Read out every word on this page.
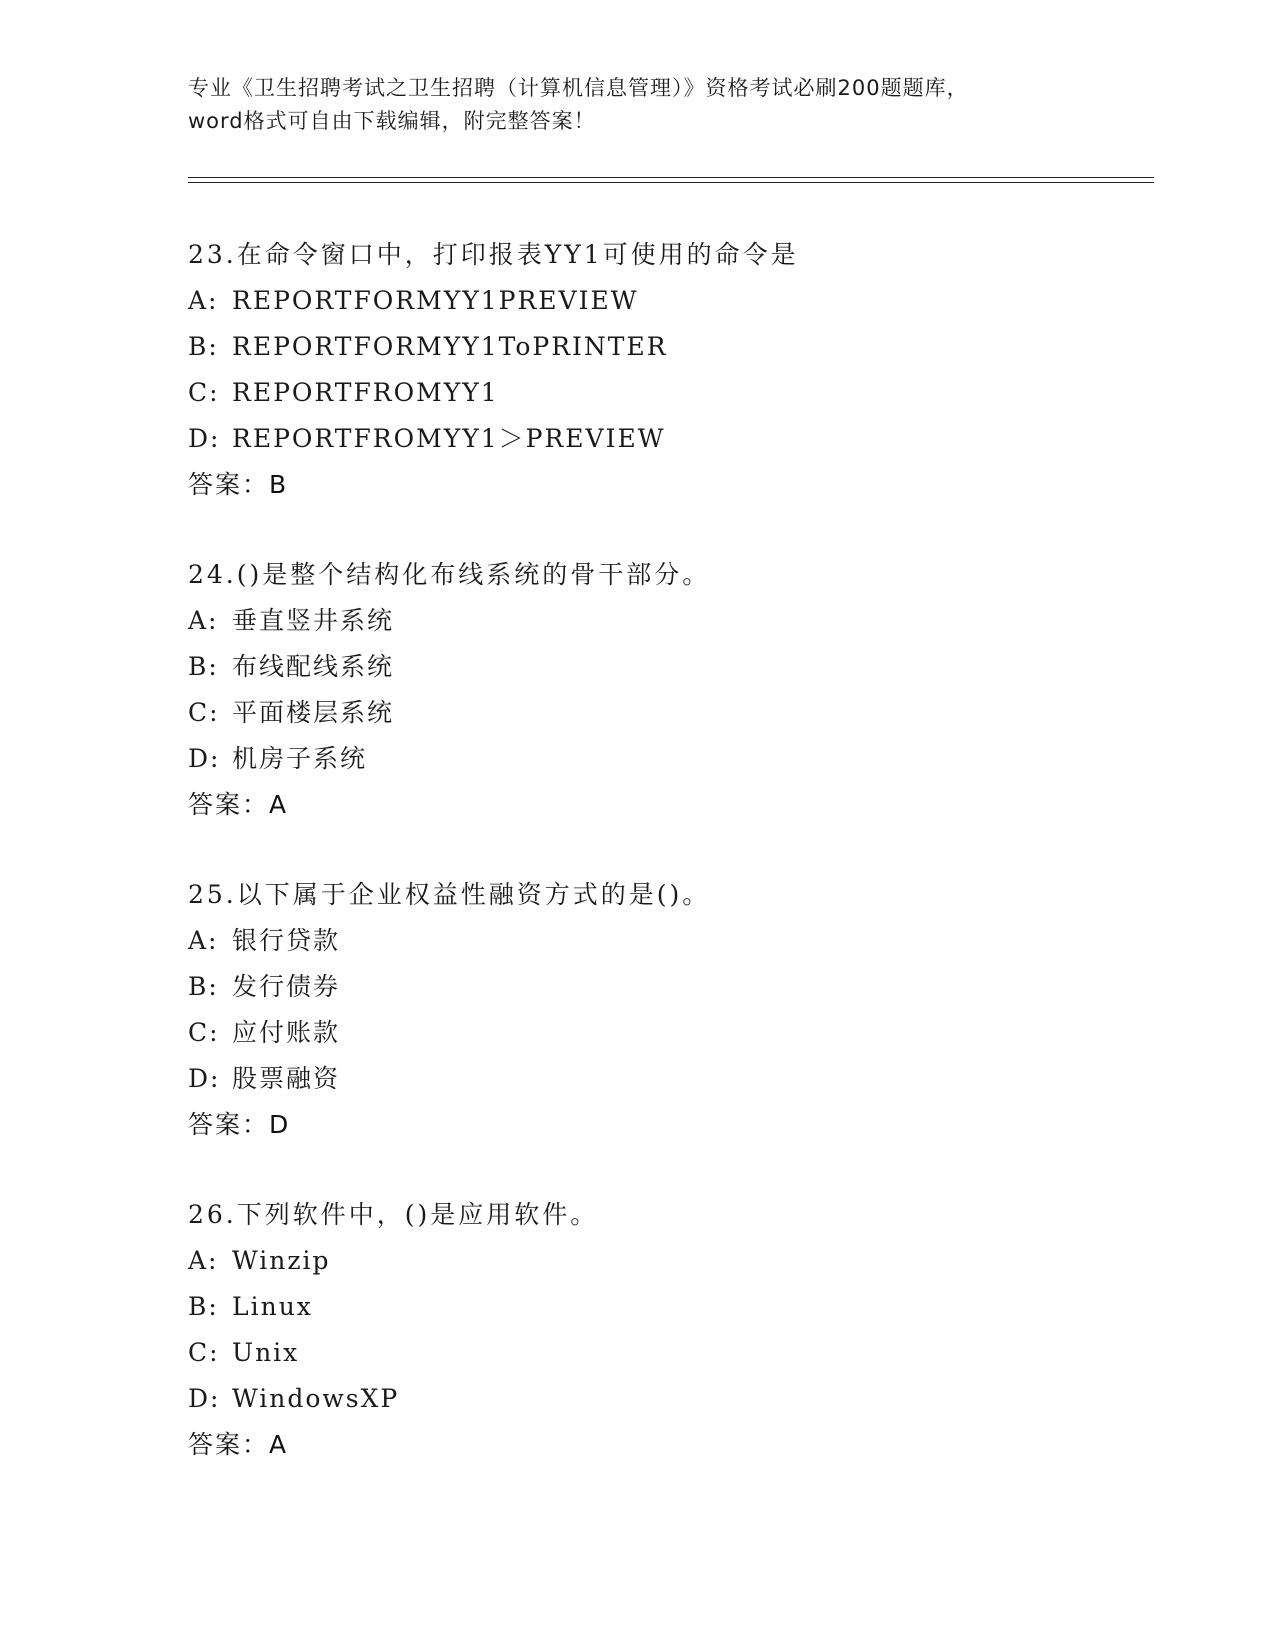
专业《卫生招聘考试之卫生招聘（计算机信息管理）》资格考试必刷200题题库，
word格式可自由下载编辑，附完整答案！
23.在命令窗口中，打印报表YY1可使用的命令是
A: REPORTFORMYY1PREVIEW
B: REPORTFORMYY1ToPRINTER
C: REPORTFROMYY1
D: REPORTFROMYY1＞PREVIEW
答案：B
24.()是整个结构化布线系统的骨干部分。
A: 垂直竖井系统
B: 布线配线系统
C: 平面楼层系统
D: 机房子系统
答案：A
25.以下属于企业权益性融资方式的是()。
A: 银行贷款
B: 发行债券
C: 应付账款
D: 股票融资
答案：D
26.下列软件中，()是应用软件。
A: Winzip
B: Linux
C: Unix
D: WindowsXP
答案：A
